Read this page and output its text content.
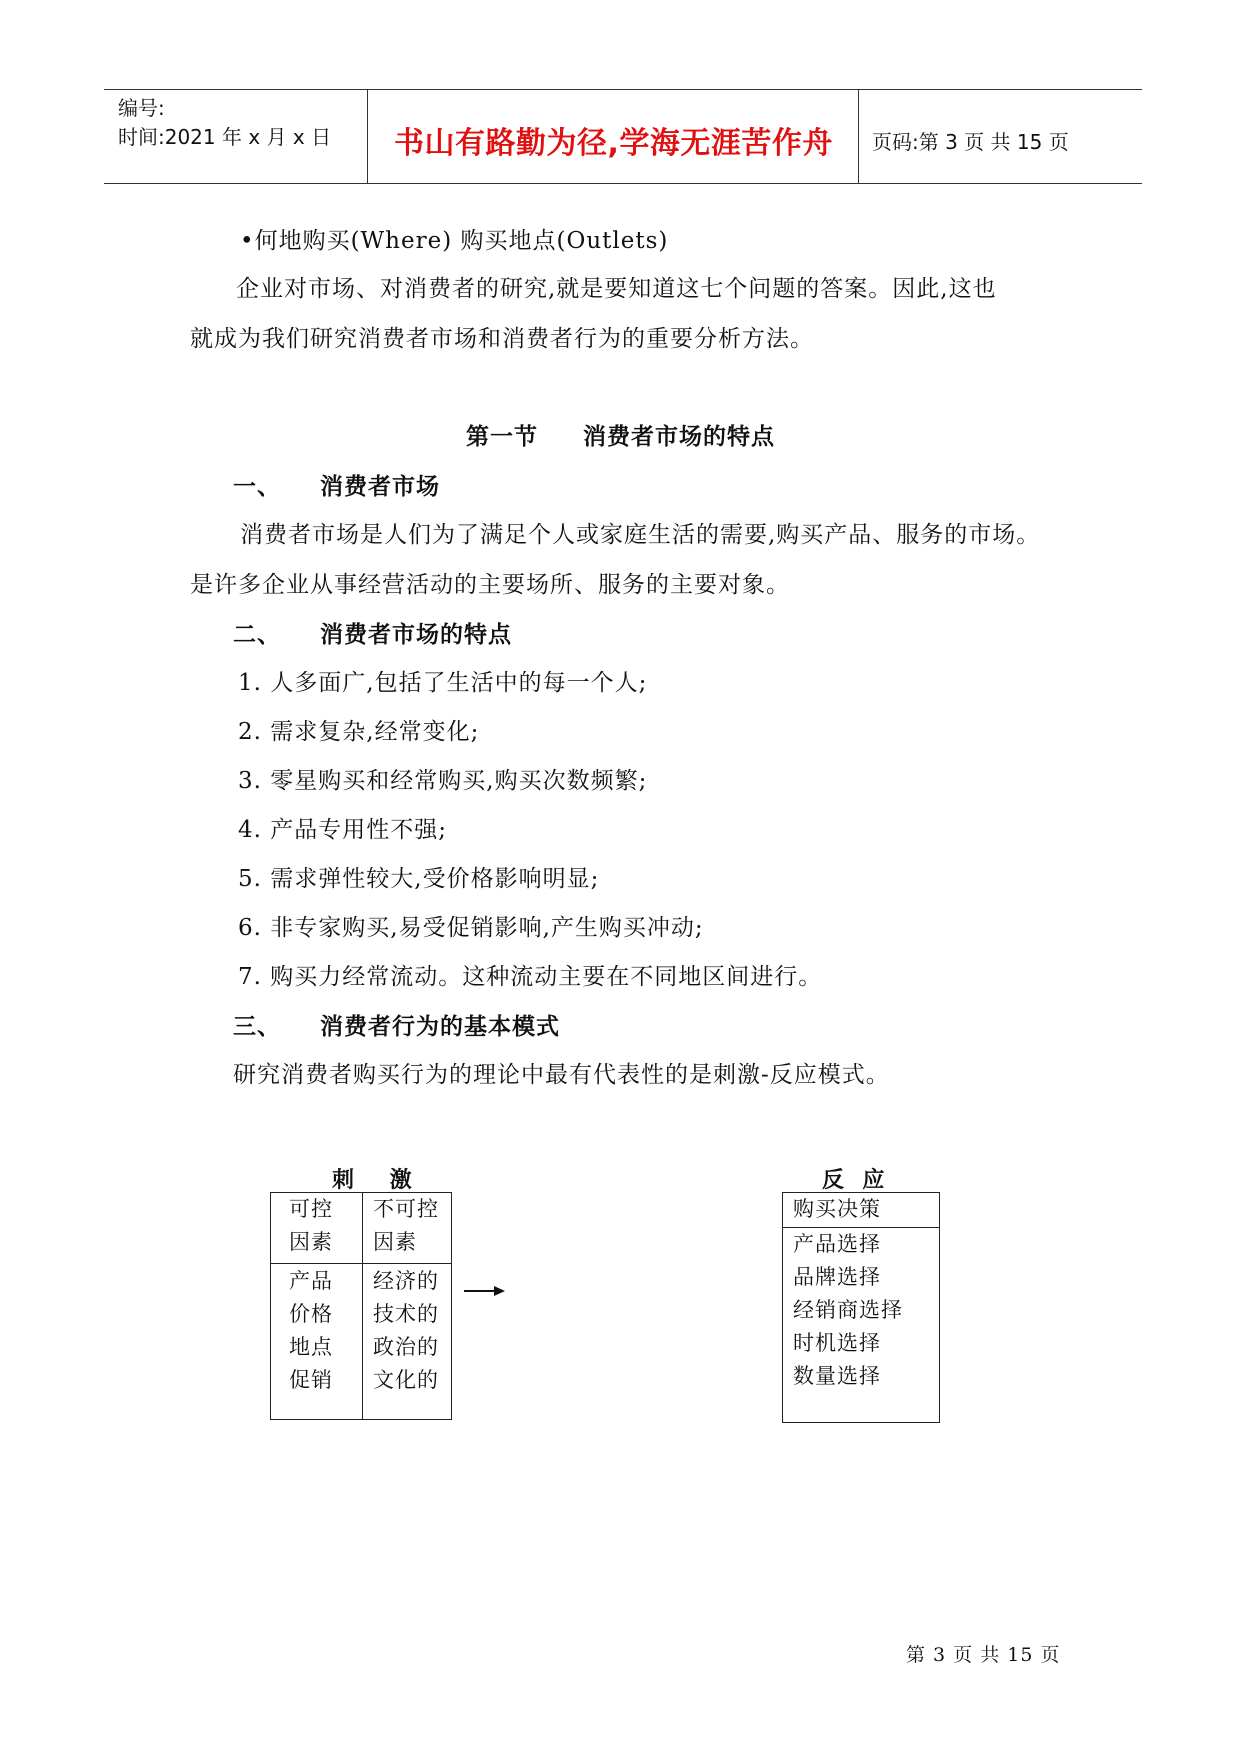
编号:
时间:2021 年 x 月 x 日 书山有路勤为径,学海无涯苦作舟 页码:第 3 页 共 15 页
•何地购买(Where) 购买地点(Outlets)
企业对市场、对消费者的研究,就是要知道这七个问题的答案。因此,这也
就成为我们研究消费者市场和消费者行为的重要分析方法。
第一节     消费者市场的特点
一、 消费者市场
消费者市场是人们为了满足个人或家庭生活的需要,购买产品、服务的市场。
是许多企业从事经营活动的主要场所、服务的主要对象。
二、 消费者市场的特点
1. 人多面广,包括了生活中的每一个人;
2. 需求复杂,经常变化;
3. 零星购买和经常购买,购买次数频繁;
4. 产品专用性不强;
5. 需求弹性较大,受价格影响明显;
6. 非专家购买,易受促销影响,产生购买冲动;
7. 购买力经常流动。这种流动主要在不同地区间进行。
三、 消费者行为的基本模式
研究消费者购买行为的理论中最有代表性的是刺激-反应模式。
刺    激
可控
因素
不可控
因素
产品
价格
地点
促销
经济的
技术的
政治的
文化的
反  应
购买决策
产品选择
品牌选择
经销商选择
时机选择
数量选择
第 3 页 共 15 页
